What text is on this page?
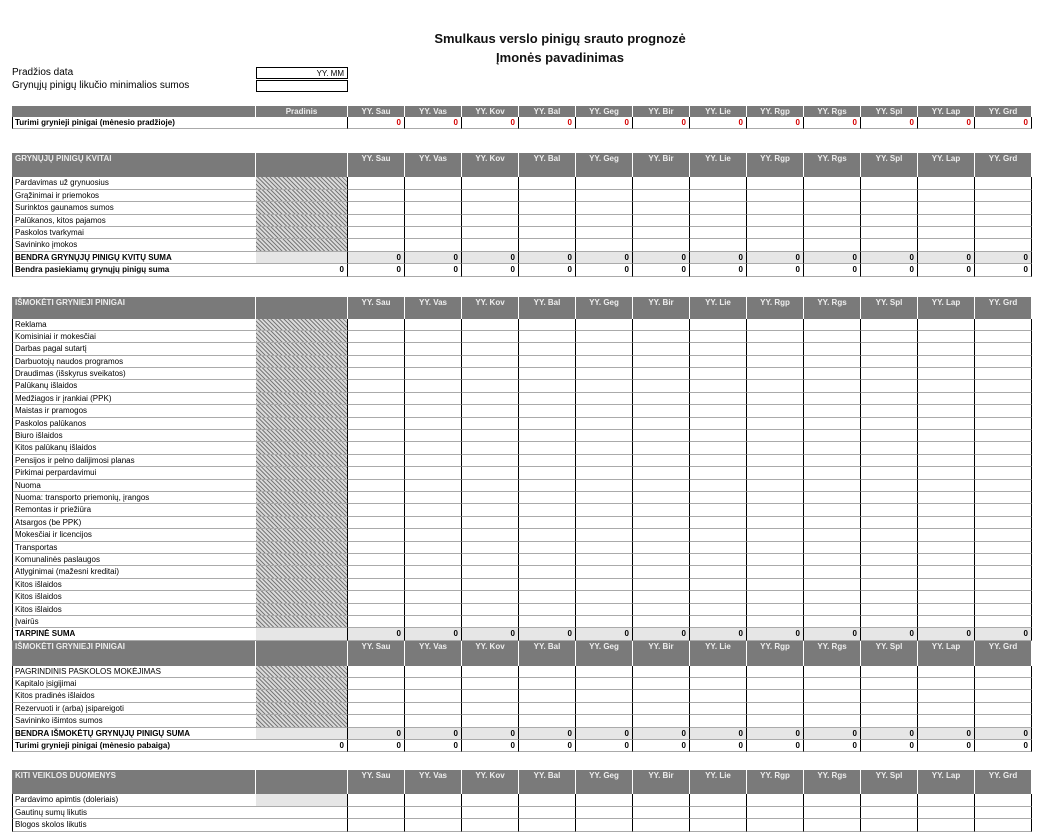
Smulkaus verslo pinigų srauto prognozė
Įmonės pavadinimas
Pradžios data	YY. MM
Grynųjų pinigų likučio minimalios sumos
Pradinis	YY. Sau	YY. Vas	YY. Kov	YY. Bal	YY. Geg	YY. Bir	YY. Lie	YY. Rgp	YY. Rgs	YY. Spl	YY. Lap	YY. Grd
Turimi grynieji pinigai (mėnesio pradžioje)	0	0	0	0	0	0	0	0	0	0	0	0
GRYNŲJŲ PINIGŲ KVITAI	YY. Sau	YY. Vas	YY. Kov	YY. Bal	YY. Geg	YY. Bir	YY. Lie	YY. Rgp	YY. Rgs	YY. Spl	YY. Lap	YY. Grd
Pardavimas už grynuosius
Grąžinimai ir priemokos
Surinktos gaunamos sumos
Palūkanos, kitos pajamos
Paskolos tvarkymai
Savininko įmokos
BENDRA GRYNŲJŲ PINIGŲ KVITŲ SUMA	0	0	0	0	0	0	0	0	0	0	0	0
Bendra pasiekiamų grynųjų pinigų suma	0	0	0	0	0	0	0	0	0	0	0	0	0
IŠMOKĖTI GRYNIEJI PINIGAI	YY. Sau	YY. Vas	YY. Kov	YY. Bal	YY. Geg	YY. Bir	YY. Lie	YY. Rgp	YY. Rgs	YY. Spl	YY. Lap	YY. Grd
Reklama
Komisiniai ir mokesčiai
Darbas pagal sutartį
Darbuotojų naudos programos
Draudimas (išskyrus sveikatos)
Palūkanų išlaidos
Medžiagos ir įrankiai (PPK)
Maistas ir pramogos
Paskolos palūkanos
Biuro išlaidos
Kitos palūkanų išlaidos
Pensijos ir pelno dalijimosi planas
Pirkimai perpardavimui
Nuoma
Nuoma: transporto priemonių, įrangos
Remontas ir priežiūra
Atsargos (be PPK)
Mokesčiai ir licencijos
Transportas
Komunalinės paslaugos
Atlyginimai (mažesni kreditai)
Kitos išlaidos
Kitos išlaidos
Kitos išlaidos
Įvairūs
TARPINĖ SUMA	0	0	0	0	0	0	0	0	0	0	0	0
IŠMOKĖTI GRYNIEJI PINIGAI	YY. Sau	YY. Vas	YY. Kov	YY. Bal	YY. Geg	YY. Bir	YY. Lie	YY. Rgp	YY. Rgs	YY. Spl	YY. Lap	YY. Grd
PAGRINDINIS PASKOLOS MOKĖJIMAS
Kapitalo įsigijimai
Kitos pradinės išlaidos
Rezervuoti ir (arba) įsipareigoti
Savininko išimtos sumos
BENDRA IŠMOKĖTŲ GRYNŲJŲ PINIGŲ SUMA	0	0	0	0	0	0	0	0	0	0	0	0
Turimi grynieji pinigai (mėnesio pabaiga)	0	0	0	0	0	0	0	0	0	0	0	0	0
KITI VEIKLOS DUOMENYS	YY. Sau	YY. Vas	YY. Kov	YY. Bal	YY. Geg	YY. Bir	YY. Lie	YY. Rgp	YY. Rgs	YY. Spl	YY. Lap	YY. Grd
Pardavimo apimtis (doleriais)
Gautinų sumų likutis
Blogos skolos likutis
